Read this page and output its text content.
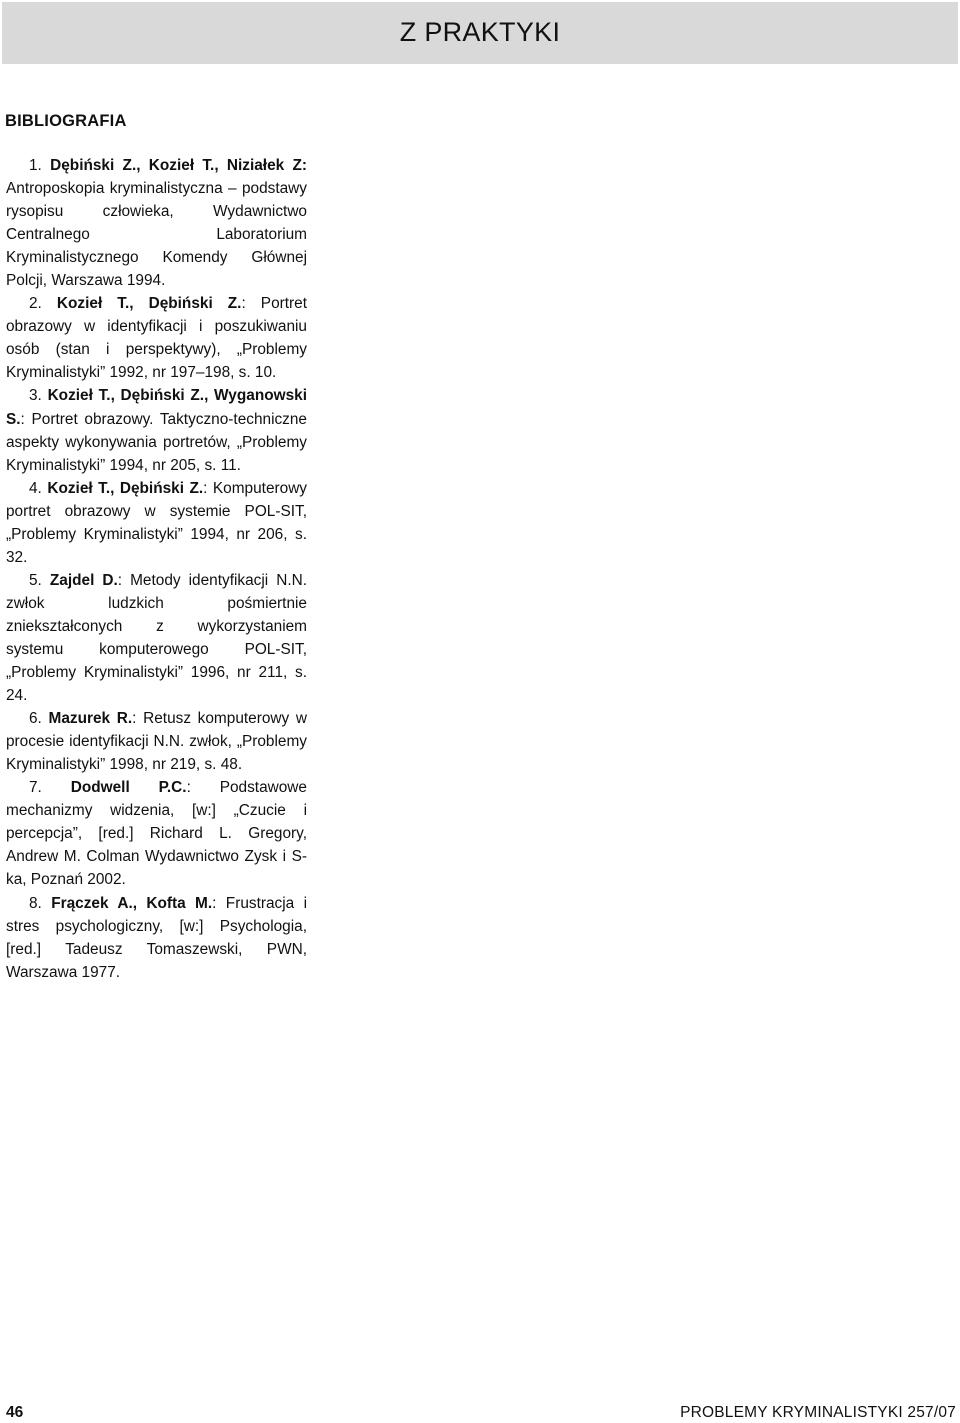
Z PRAKTYKI
BIBLIOGRAFIA

1. Dębiński Z., Kozieł T., Niziałek Z: Antroposkopia kryminalistyczna – podstawy rysopisu człowieka, Wydawnictwo Centralnego Laboratorium Kryminalistycznego Komendy Głównej Polcji, Warszawa 1994.

2. Kozieł T., Dębiński Z.: Portret obrazowy w identyfikacji i poszukiwaniu osób (stan i perspektywy), „Problemy Kryminalistyki” 1992, nr 197–198, s. 10.

3. Kozieł T., Dębiński Z., Wyganowski S.: Portret obrazowy. Taktyczno-techniczne aspekty wykonywania portretów, „Problemy Kryminalistyki” 1994, nr 205, s. 11.

4. Kozieł T., Dębiński Z.: Komputerowy portret obrazowy w systemie POL-SIT, „Problemy Kryminalistyki” 1994, nr 206, s. 32.

5. Zajdel D.: Metody identyfikacji N.N. zwłok ludzkich pośmiertnie zniekształconych z wykorzystaniem systemu komputerowego POL-SIT, „Problemy Kryminalistyki” 1996, nr 211, s. 24.

6. Mazurek R.: Retusz komputerowy w procesie identyfikacji N.N. zwłok, „Problemy Kryminalistyki” 1998, nr 219, s. 48.

7. Dodwell P.C.: Podstawowe mechanizmy widzenia, [w:] „Czucie i percepcja”, [red.] Richard L. Gregory, Andrew M. Colman Wydawnictwo Zysk i S-ka, Poznań 2002.

8. Frączek A., Kofta M.: Frustracja i stres psychologiczny, [w:] Psychologia, [red.] Tadeusz Tomaszewski, PWN, Warszawa 1977.

46	PROBLEMY KRYMINALISTYKI 257/07
